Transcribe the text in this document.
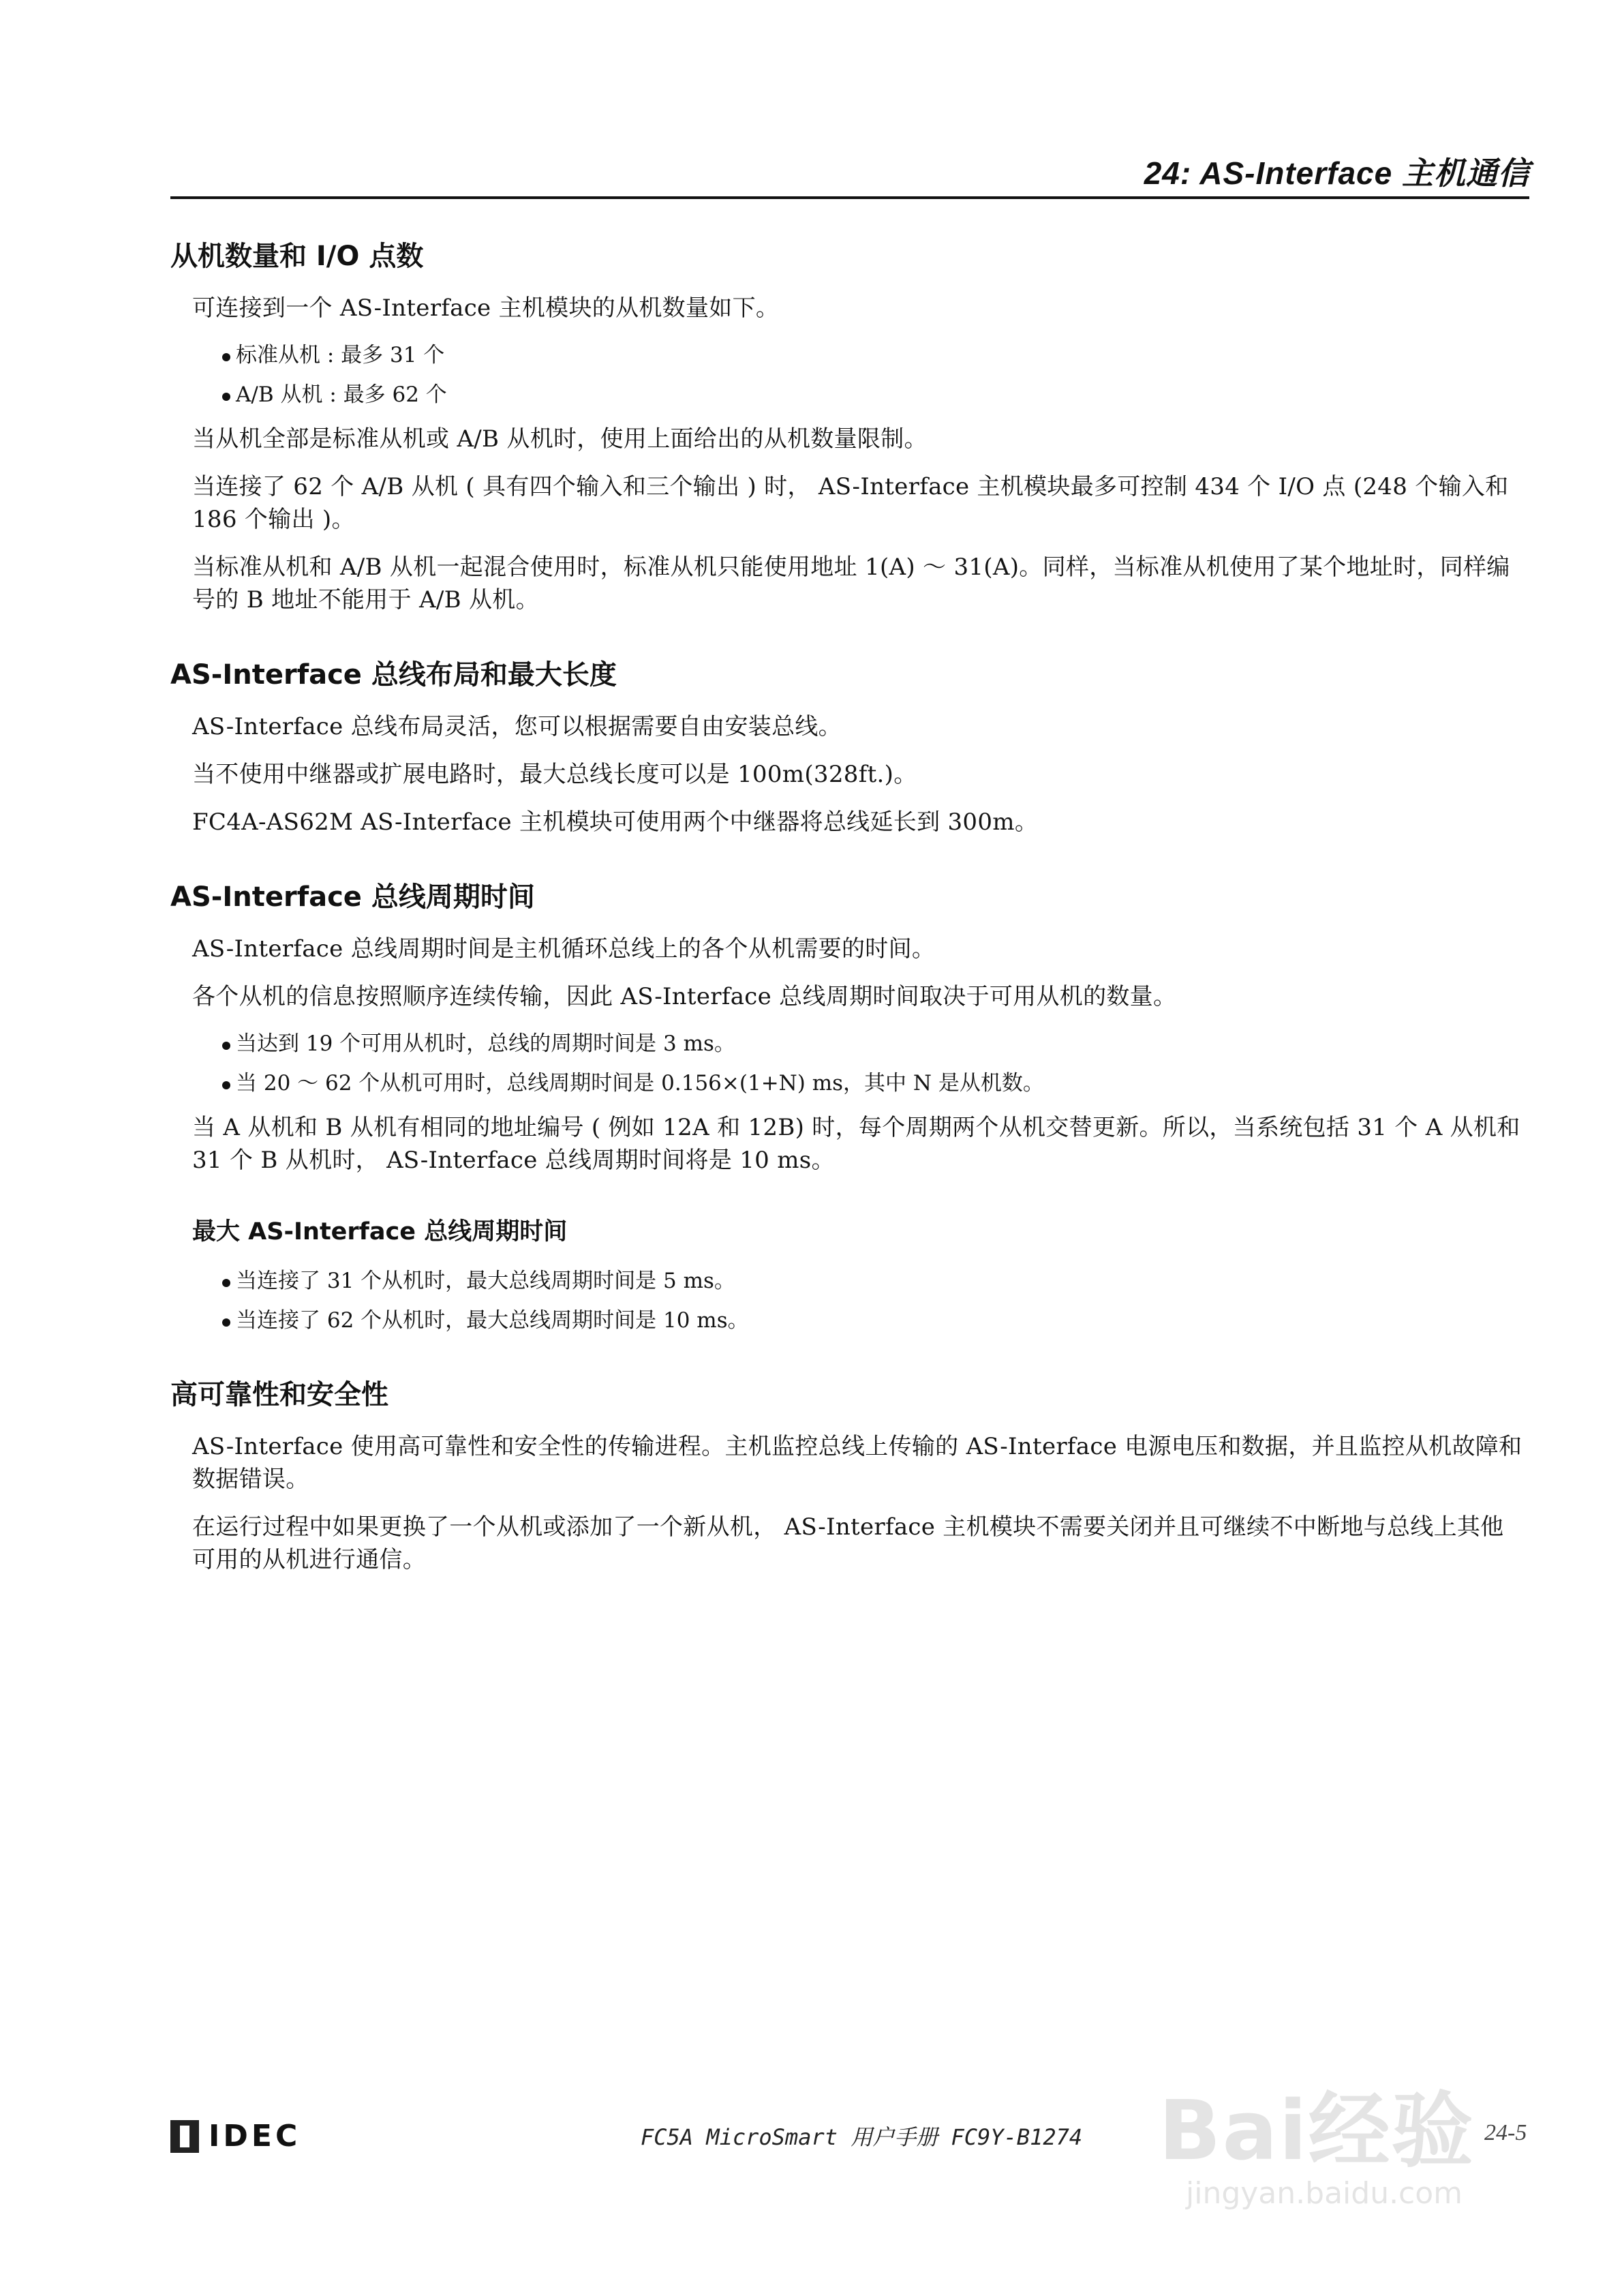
24: AS-Interface 主机通信
从机数量和 I/O 点数

可连接到一个 AS-Interface 主机模块的从机数量如下。

标准从机 : 最多 31 个
A/B 从机 : 最多 62 个

当从机全部是标准从机或 A/B 从机时，使用上面给出的从机数量限制。

当连接了 62 个 A/B 从机 ( 具有四个输入和三个输出 ) 时， AS-Interface 主机模块最多可控制 434 个 I/O 点 (248 个输入和 186 个输出 )。

当标准从机和 A/B 从机一起混合使用时，标准从机只能使用地址 1(A) ～ 31(A)。同样，当标准从机使用了某个地址时，同样编号的 B 地址不能用于 A/B 从机。

AS-Interface 总线布局和最大长度

AS-Interface 总线布局灵活，您可以根据需要自由安装总线。

当不使用中继器或扩展电路时，最大总线长度可以是 100m(328ft.)。

FC4A-AS62M AS-Interface 主机模块可使用两个中继器将总线延长到 300m。

AS-Interface 总线周期时间

AS-Interface 总线周期时间是主机循环总线上的各个从机需要的时间。

各个从机的信息按照顺序连续传输，因此 AS-Interface 总线周期时间取决于可用从机的数量。

当达到 19 个可用从机时，总线的周期时间是 3 ms。
当 20 ～ 62 个从机可用时，总线周期时间是 0.156×(1+N) ms，其中 N 是从机数。

当 A 从机和 B 从机有相同的地址编号 ( 例如 12A 和 12B) 时，每个周期两个从机交替更新。所以，当系统包括 31 个 A 从机和 31 个 B 从机时， AS-Interface 总线周期时间将是 10 ms。

最大 AS-Interface 总线周期时间
当连接了 31 个从机时，最大总线周期时间是 5 ms。
当连接了 62 个从机时，最大总线周期时间是 10 ms。
高可靠性和安全性

AS-Interface 使用高可靠性和安全性的传输进程。主机监控总线上传输的 AS-Interface 电源电压和数据，并且监控从机故障和数据错误。

在运行过程中如果更换了一个从机或添加了一个新从机， AS-Interface 主机模块不需要关闭并且可继续不中断地与总线上其他可用的从机进行通信。

Bai经验
jingyan.baidu.com
IDEC	FC5A MicroSmart 用户手册 FC9Y-B1274	24-5
